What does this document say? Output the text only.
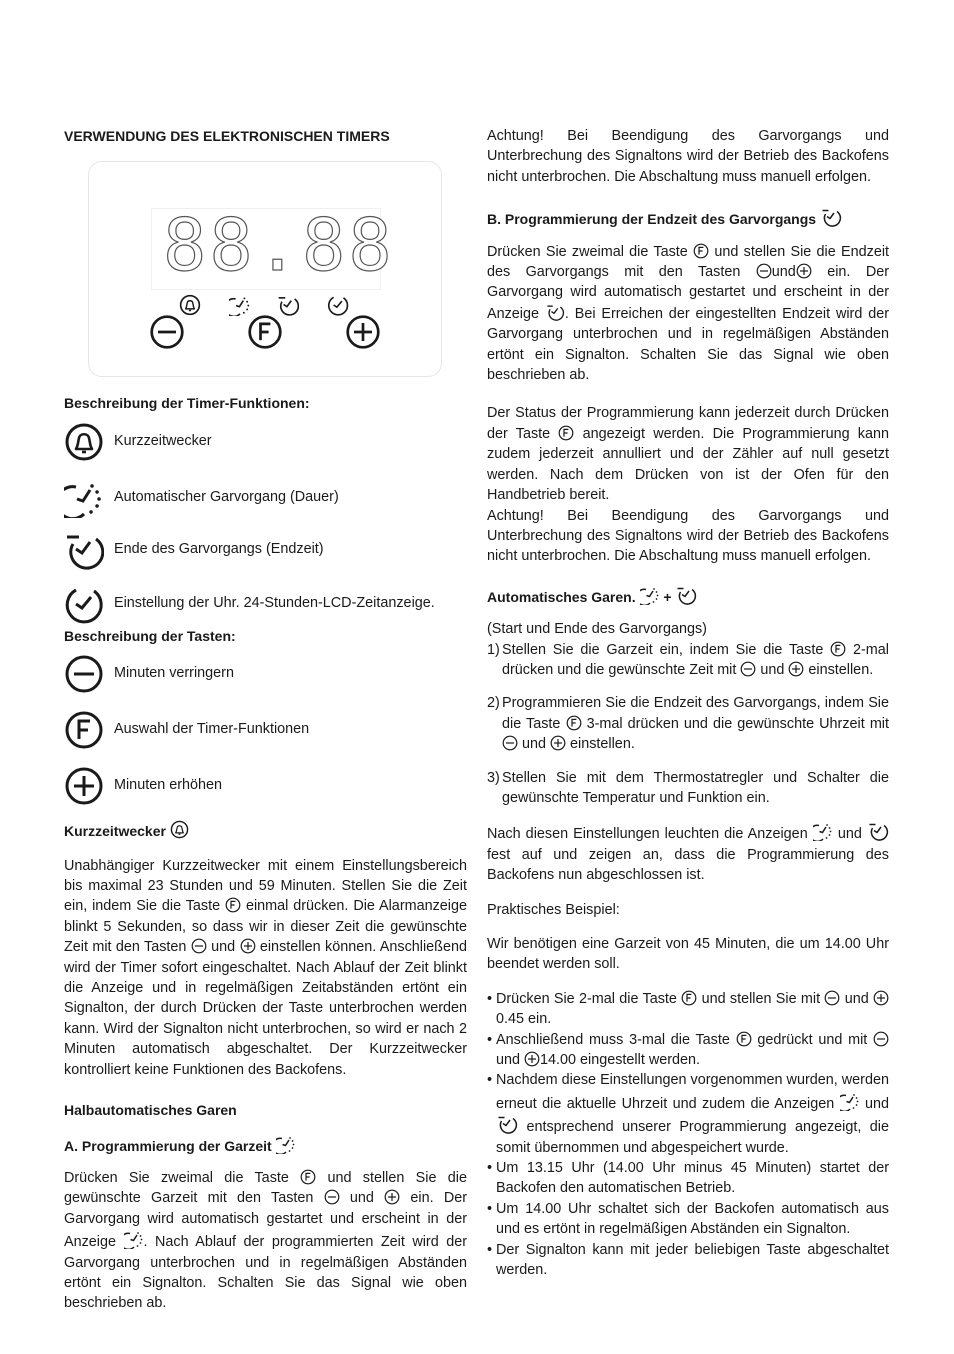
VERWENDUNG DES ELEKTRONISCHEN TIMERS
88.88
Beschreibung der Timer-Funktionen:
Kurzzeitwecker
Automatischer Garvorgang (Dauer)
Ende des Garvorgangs (Endzeit)
Einstellung der Uhr. 24-Stunden-LCD-Zeitanzeige.
Beschreibung der Tasten:
Minuten verringern
Auswahl der Timer-Funktionen
Minuten erhöhen
Kurzzeitwecker

Unabhängiger Kurzzeitwecker mit einem Einstellungsbereich bis maximal 23 Stunden und 59 Minuten. Stellen Sie die Zeit ein, indem Sie die Taste einmal drücken. Die Alarmanzeige blinkt 5 Sekunden, so dass wir in dieser Zeit die gewünschte Zeit mit den Tasten und einstellen können. Anschließend wird der Timer sofort eingeschaltet. Nach Ablauf der Zeit blinkt die Anzeige und in regelmäßigen Zeitabständen ertönt ein Signalton, der durch Drücken der Taste unterbrochen werden kann. Wird der Signalton nicht unterbrochen, so wird er nach 2 Minuten automatisch abgeschaltet. Der Kurzzeitwecker kontrolliert keine Funktionen des Backofens.

Halbautomatisches Garen
A. Programmierung der Garzeit

Drücken Sie zweimal die Taste	und stellen Sie die gewünschte Garzeit mit den Tasten	und	ein. Der Garvorgang wird automatisch gestartet und erscheint in der Anzeige . Nach Ablauf der programmierten Zeit wird der Garvorgang unterbrochen und in regelmäßigen Abständen ertönt ein Signalton. Schalten Sie das Signal wie oben beschrieben ab.

Achtung! Bei Beendigung des Garvorgangs und Unterbrechung des Signaltons wird der Betrieb des Backofens nicht unterbrochen. Die Abschaltung muss manuell erfolgen.

B. Programmierung der Endzeit des Garvorgangs

Drücken Sie zweimal die Taste und stellen Sie die Endzeit des Garvorgangs mit den Tasten und ein. Der Garvorgang wird automatisch gestartet und erscheint in der Anzeige . Bei Erreichen der eingestellten Endzeit wird der Garvorgang unterbrochen und in regelmäßigen Abständen ertönt ein Signalton. Schalten Sie das Signal wie oben beschrieben ab.

Der Status der Programmierung kann jederzeit durch Drücken der Taste angezeigt werden. Die Programmierung kann zudem jederzeit annulliert und der Zähler auf null gesetzt werden. Nach dem Drücken von ist der Ofen für den Handbetrieb bereit.

Achtung! Bei Beendigung des Garvorgangs und Unterbrechung des Signaltons wird der Betrieb des Backofens nicht unterbrochen. Die Abschaltung muss manuell erfolgen.

Automatisches Garen. +

(Start und Ende des Garvorgangs)

1) Stellen Sie die Garzeit ein, indem Sie die Taste 2-mal drücken und die gewünschte Zeit mit und einstellen.
2) Programmieren Sie die Endzeit des Garvorgangs, indem Sie die Taste 3-mal drücken und die gewünschte Uhrzeit mit  und einstellen.
3) Stellen Sie mit dem Thermostatregler und Schalter die gewünschte Temperatur und Funktion ein.

Nach diesen Einstellungen leuchten die Anzeigen und  fest auf und zeigen an, dass die Programmierung des Backofens nun abgeschlossen ist.

Praktisches Beispiel:

Wir benötigen eine Garzeit von 45 Minuten, die um 14.00 Uhr beendet werden soll.

• Drücken Sie 2-mal die Taste und stellen Sie mit und 0.45 ein.
• Anschließend muss 3-mal die Taste gedrückt und mit  und 14.00 eingestellt werden.
• Nachdem diese Einstellungen vorgenommen wurden, werden erneut die aktuelle Uhrzeit und zudem die Anzeigen und  entsprechend unserer Programmierung angezeigt, die somit übernommen und abgespeichert wurde.
• Um 13.15 Uhr (14.00 Uhr minus 45 Minuten) startet der Backofen den automatischen Betrieb.
• Um 14.00 Uhr schaltet sich der Backofen automatisch aus und es ertönt in regelmäßigen Abständen ein Signalton.
• Der Signalton kann mit jeder beliebigen Taste abgeschaltet werden.
